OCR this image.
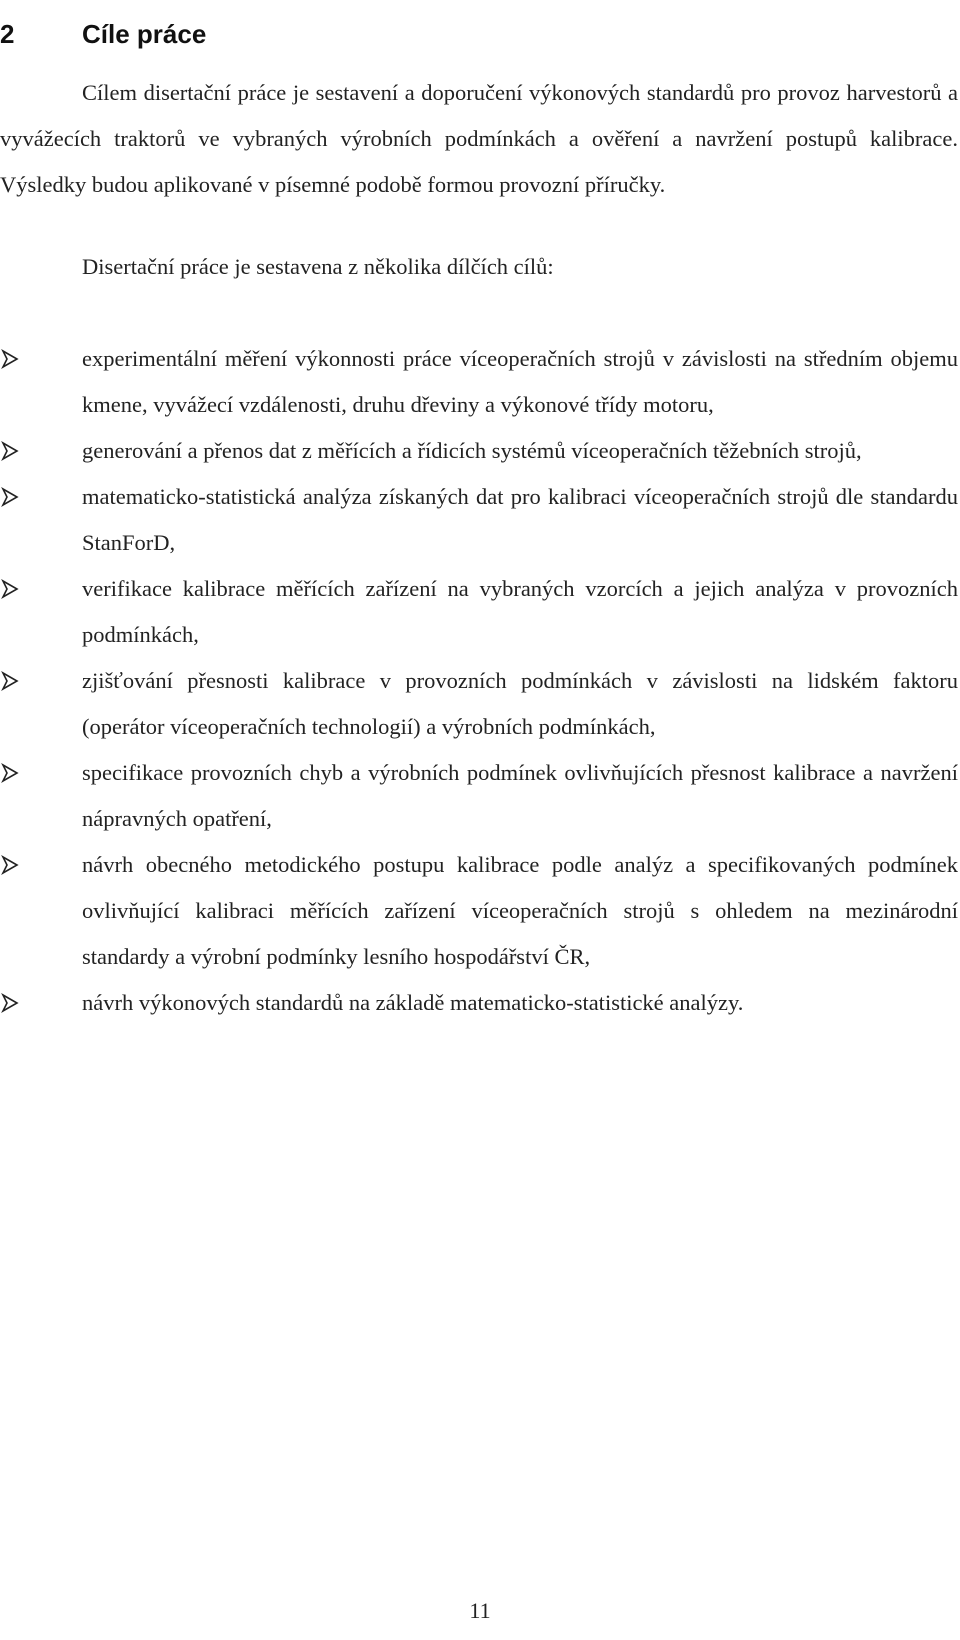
2	Cíle práce

Cílem disertační práce je sestavení a doporučení výkonových standardů pro provoz harvestorů a vyvážecích traktorů ve vybraných výrobních podmínkách a ověření a navržení postupů kalibrace. Výsledky budou aplikované v písemné podobě formou provozní příručky.

Disertační práce je sestavena z několika dílčích cílů:

experimentální měření výkonnosti práce víceoperačních strojů v závislosti na středním objemu kmene, vyvážecí vzdálenosti, druhu dřeviny a výkonové třídy motoru,
generování a přenos dat z měřících a řídicích systémů víceoperačních těžebních strojů,
matematicko-statistická analýza získaných dat pro kalibraci víceoperačních strojů dle standardu StanForD,
verifikace kalibrace měřících zařízení na vybraných vzorcích a jejich analýza v provozních podmínkách,
zjišťování přesnosti kalibrace v provozních podmínkách v závislosti na lidském faktoru (operátor víceoperačních technologií) a výrobních podmínkách,
specifikace provozních chyb a výrobních podmínek ovlivňujících přesnost kalibrace a navržení nápravných opatření,
návrh obecného metodického postupu kalibrace podle analýz a specifikovaných podmínek ovlivňující kalibraci měřících zařízení víceoperačních strojů s ohledem na mezinárodní standardy a výrobní podmínky lesního hospodářství ČR,
návrh výkonových standardů na základě matematicko-statistické analýzy.
11
